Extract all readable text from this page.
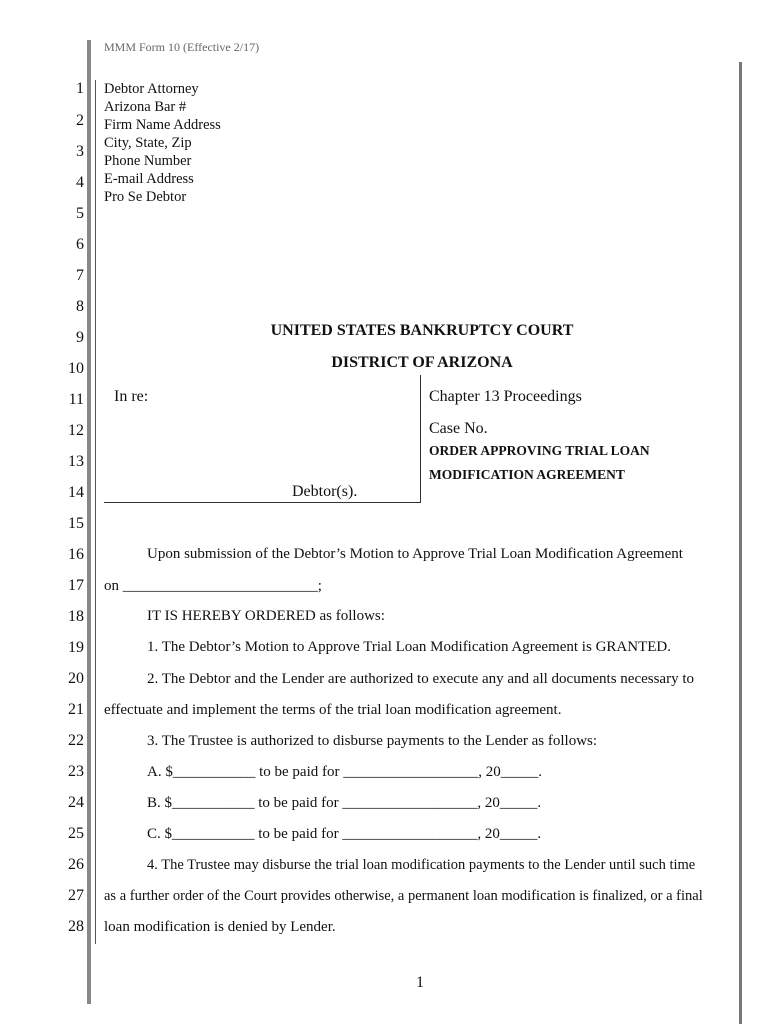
MMM Form 10 (Effective 2/17)
1
2
3
4
5
6
7
8
9
10
11
12
13
14
15
16
17
18
19
20
21
22
23
24
25
26
27
28
Debtor Attorney
Arizona Bar #
Firm Name Address
City, State, Zip
Phone Number
E-mail Address
Pro Se Debtor
UNITED STATES BANKRUPTCY COURT
DISTRICT OF ARIZONA
In re:
Debtor(s).
Chapter 13 Proceedings
Case No.
ORDER APPROVING TRIAL LOAN
MODIFICATION AGREEMENT
Upon submission of the Debtor’s Motion to Approve Trial Loan Modification Agreement
on __________________________;
IT IS HEREBY ORDERED as follows:
1. The Debtor’s Motion to Approve Trial Loan Modification Agreement is GRANTED.
2. The Debtor and the Lender are authorized to execute any and all documents necessary to
effectuate and implement the terms of the trial loan modification agreement.
3. The Trustee is authorized to disburse payments to the Lender as follows:
A. $___________ to be paid for __________________, 20_____.
B. $___________ to be paid for __________________, 20_____.
C. $___________ to be paid for __________________, 20_____.
4. The Trustee may disburse the trial loan modification payments to the Lender until such time
as a further order of the Court provides otherwise, a permanent loan modification is finalized, or a final
loan modification is denied by Lender.
1
